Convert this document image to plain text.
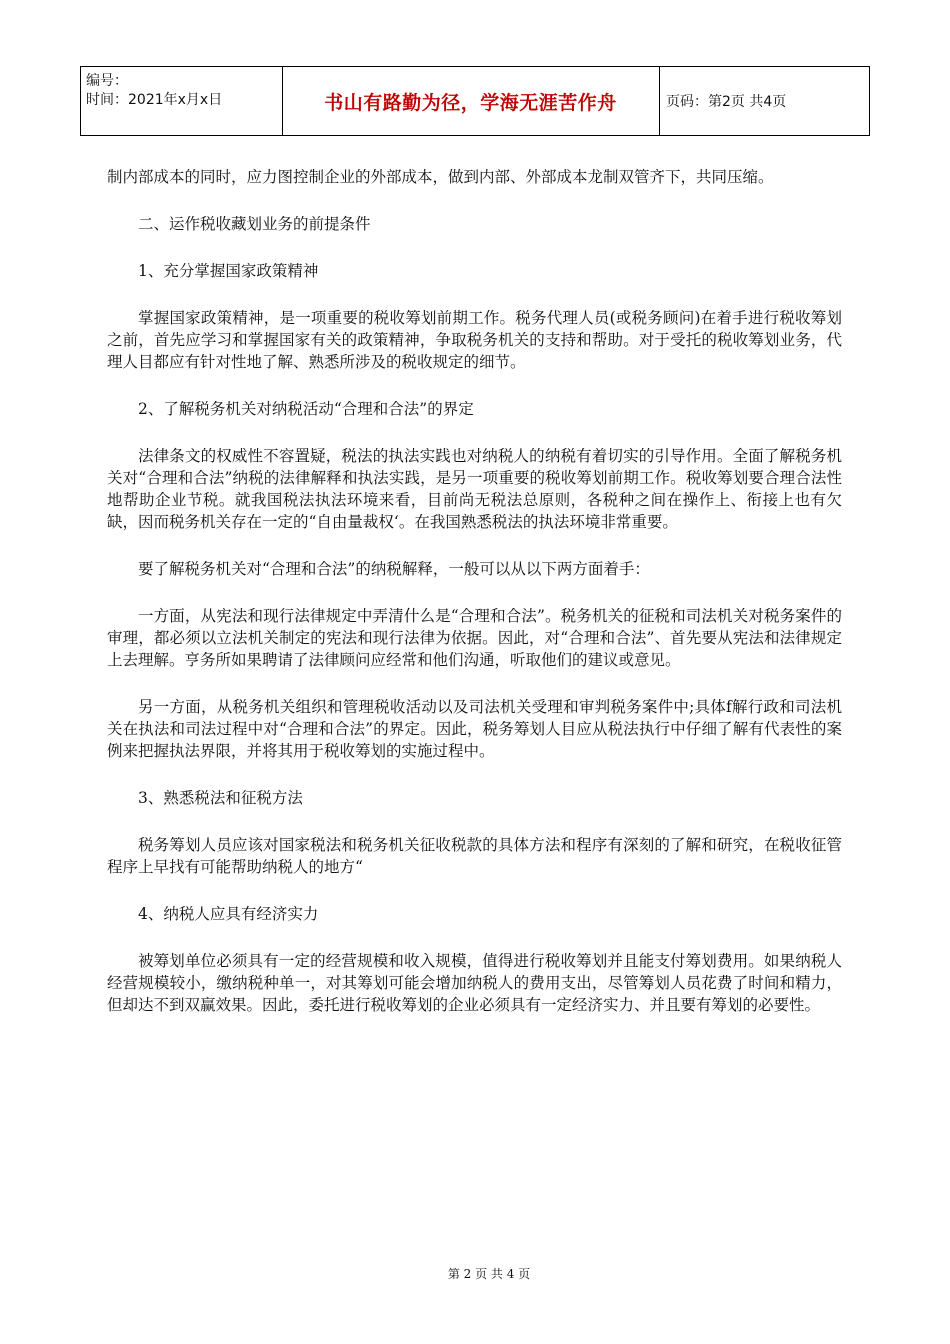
编号：
时间：2021年x月x日	书山有路勤为径，学海无涯苦作舟	页码：第2页 共4页

制内部成本的同时，应力图控制企业的外部成本，做到内部、外部成本龙制双管齐下，共同压缩。

二、运作税收藏划业务的前提条件

1、充分掌握国家政策精神

掌握国家政策精神，是一项重要的税收筹划前期工作。税务代理人员(或税务顾问)在着手进行税收筹划之前，首先应学习和掌握国家有关的政策精神，争取税务机关的支持和帮助。对于受托的税收筹划业务，代理人目都应有针对性地了解、熟悉所涉及的税收规定的细节。

2、了解税务机关对纳税活动“合理和合法”的界定

法律条文的权威性不容置疑，税法的执法实践也对纳税人的纳税有着切实的引导作用。全面了解税务机关对“合理和合法”纳税的法律解释和执法实践，是另一项重要的税收筹划前期工作。税收筹划要合理合法性地帮助企业节税。就我国税法执法环境来看，目前尚无税法总原则，各税种之间在操作上、衔接上也有欠缺，因而税务机关存在一定的“自由量裁权‘。在我国熟悉税法的执法环境非常重要。

要了解税务机关对“合理和合法”的纳税解释，一般可以从以下两方面着手：

一方面，从宪法和现行法律规定中弄清什么是“合理和合法”。税务机关的征税和司法机关对税务案件的审理，都必须以立法机关制定的宪法和现行法律为依据。因此，对“合理和合法”、首先要从宪法和法律规定上去理解。亨务所如果聘请了法律顾问应经常和他们沟通，听取他们的建议或意见。

另一方面，从税务机关组织和管理税收活动以及司法机关受理和审判税务案件中;具体f解行政和司法机关在执法和司法过程中对“合理和合法”的界定。因此，税务筹划人目应从税法执行中仔细了解有代表性的案例来把握执法界限，并将其用于税收筹划的实施过程中。

3、熟悉税法和征税方法

税务筹划人员应该对国家税法和税务机关征收税款的具体方法和程序有深刻的了解和研究，在税收征管程序上早找有可能帮助纳税人的地方“

4、纳税人应具有经济实力

被筹划单位必须具有一定的经营规模和收入规模，值得进行税收筹划并且能支付筹划费用。如果纳税人经营规模较小，缴纳税种单一，对其筹划可能会增加纳税人的费用支出，尽管筹划人员花费了时间和精力，但却达不到双赢效果。因此，委托进行税收筹划的企业必须具有一定经济实力、并且要有筹划的必要性。

第 2 页 共 4 页
